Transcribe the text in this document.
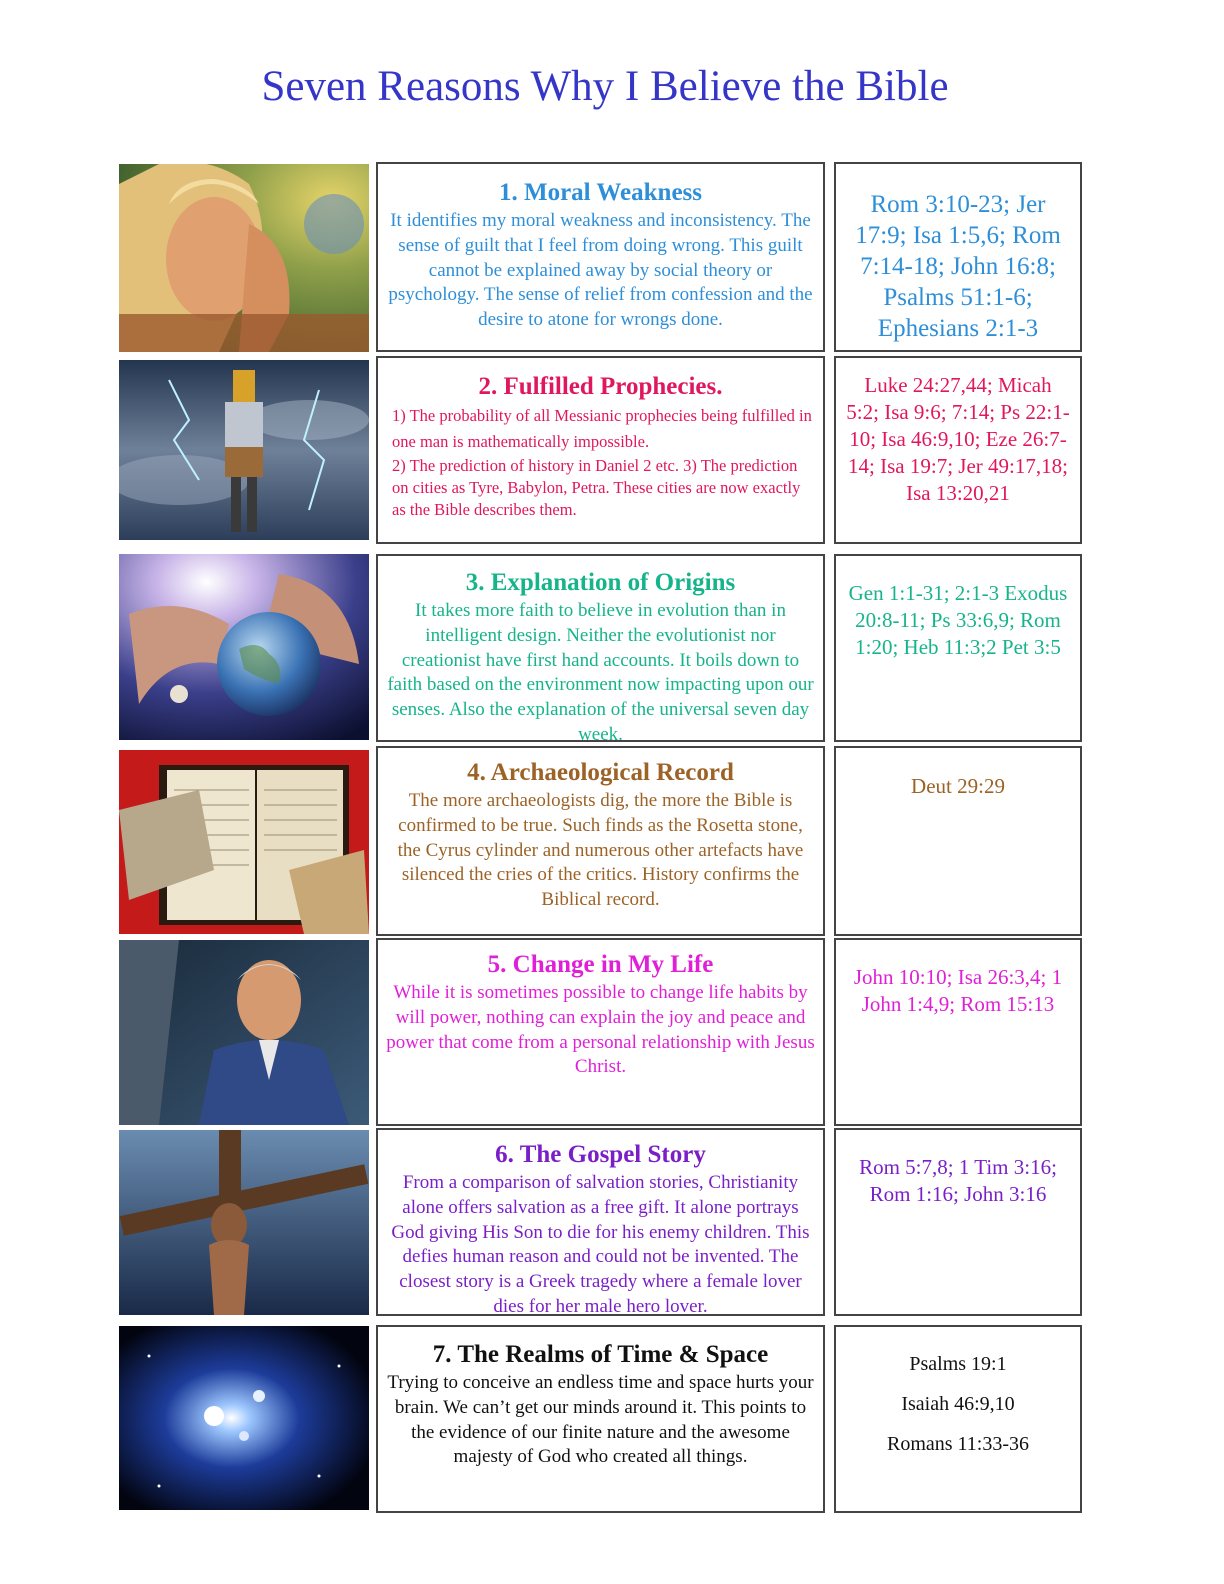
Seven Reasons Why I Believe the Bible
1. Moral Weakness
It identifies my moral weakness and inconsistency. The sense of guilt that I feel from doing wrong. This guilt cannot be explained away by social theory or psychology. The sense of relief from confession and the desire to atone for wrongs done.
Rom 3:10-23; Jer 17:9; Isa 1:5,6; Rom 7:14-18; John 16:8; Psalms 51:1-6; Ephesians 2:1-3
2. Fulfilled Prophecies.
1) The probability of all Messianic prophecies being fulfilled in one man is mathematically impossible.
2) The prediction of history in Daniel 2 etc. 3) The prediction on cities as Tyre, Babylon, Petra. These cities are now exactly as the Bible describes them.
Luke 24:27,44; Micah 5:2; Isa 9:6; 7:14; Ps 22:1-10; Isa 46:9,10; Eze 26:7-14; Isa 19:7; Jer 49:17,18; Isa 13:20,21
3. Explanation of Origins
It takes more faith to believe in evolution than in intelligent design. Neither the evolutionist nor creationist have first hand accounts. It boils down to faith based on the environment now impacting upon our senses. Also the explanation of the universal seven day week.
Gen 1:1-31; 2:1-3 Exodus 20:8-11; Ps 33:6,9; Rom 1:20; Heb 11:3;2 Pet 3:5
4. Archaeological Record
The more archaeologists dig, the more the Bible is confirmed to be true. Such finds as the Rosetta stone, the Cyrus cylinder and numerous other artefacts have silenced the cries of the critics. History confirms the Biblical record.
Deut 29:29
5. Change in My Life
While it is sometimes possible to change life habits by will power, nothing can explain the joy and peace and power that come from a personal relationship with Jesus Christ.
John 10:10; Isa 26:3,4; 1 John 1:4,9; Rom 15:13
6. The Gospel Story
From a comparison of salvation stories, Christianity alone offers salvation as a free gift. It alone portrays God giving His Son to die for his enemy children. This defies human reason and could not be invented. The closest story is a Greek tragedy where a female lover dies for her male hero lover.
Rom 5:7,8; 1 Tim 3:16; Rom 1:16; John 3:16
7. The Realms of Time & Space
Trying to conceive an endless time and space hurts your brain. We can’t get our minds around it. This points to the evidence of our finite nature and the awesome majesty of God who created all things.
Psalms 19:1
Isaiah 46:9,10
Romans 11:33-36
